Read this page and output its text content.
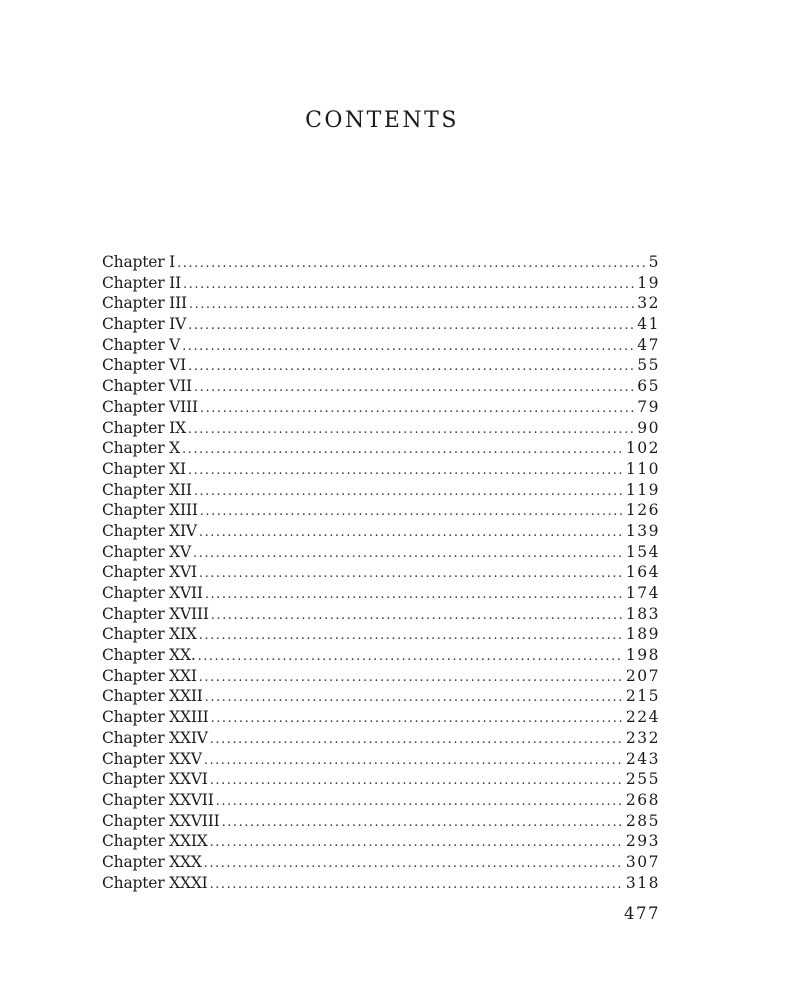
CONTENTS
Chapter I . . .	5
Chapter II . . .	19
Chapter III . . .	32
Chapter IV . . .	41
Chapter V . . .	47
Chapter VI . . .	55
Chapter VII . . .	65
Chapter VIII . . .	79
Chapter IX . . .	90
Chapter X . . .	102
Chapter XI . . .	110
Chapter XII . . .	119
Chapter XIII . . .	126
Chapter XIV . . .	139
Chapter XV . . .	154
Chapter XVI . . .	164
Chapter XVII . . .	174
Chapter XVIII . . .	183
Chapter XIX . . .	189
Chapter XX. . . .	198
Chapter XXI . . .	207
Chapter XXII . . .	215
Chapter XXIII . . .	224
Chapter XXIV . . .	232
Chapter XXV . . .	243
Chapter XXVI . . .	255
Chapter XXVII . . .	268
Chapter XXVIII . . .	285
Chapter XXIX . . .	293
Chapter XXX . . .	307
Chapter XXXI . . .	318

477
